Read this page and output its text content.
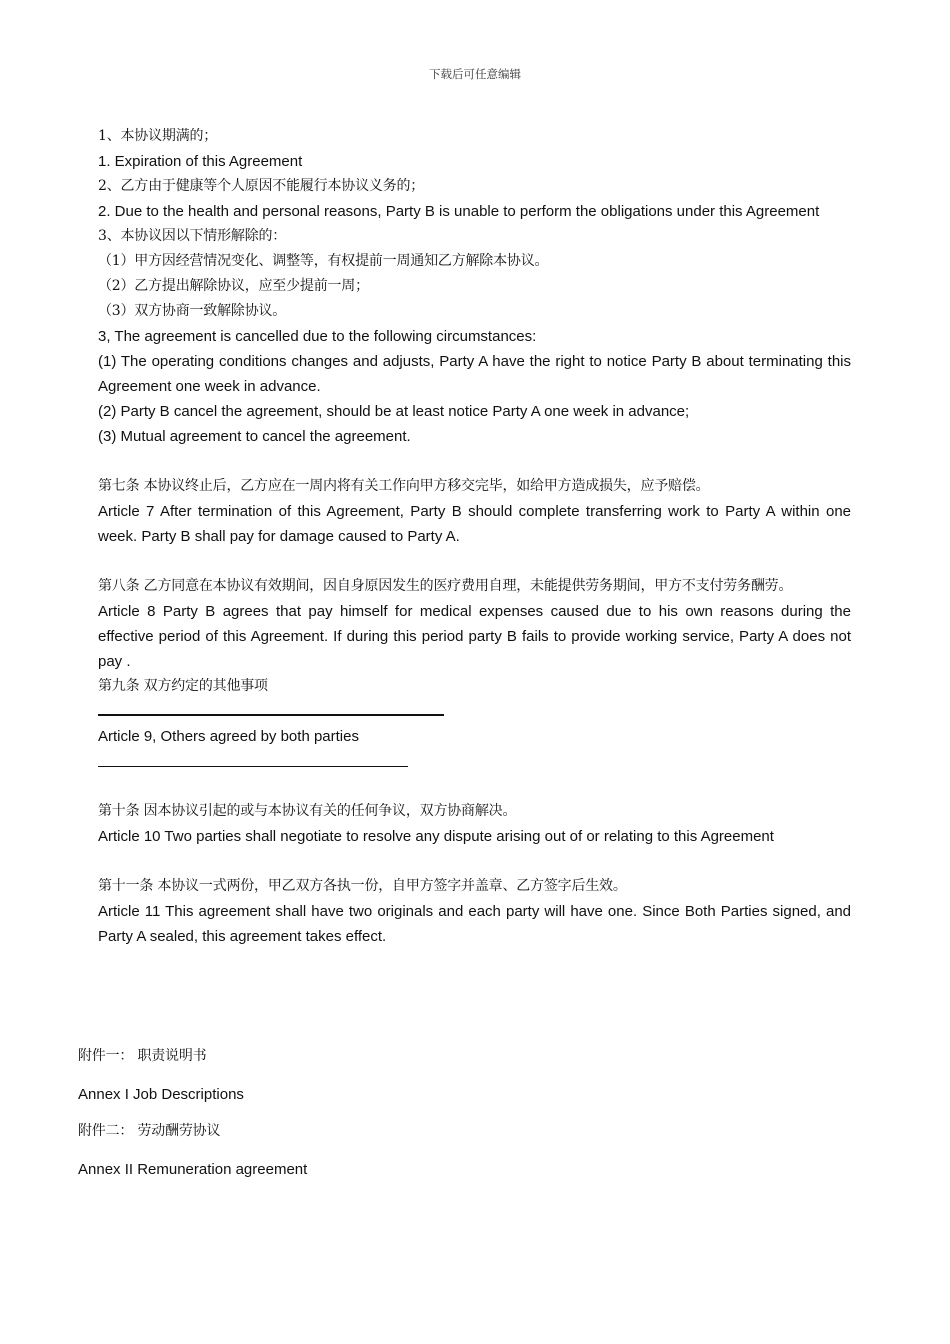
下载后可任意编辑
1、本协议期满的；
1. Expiration of this Agreement
2、乙方由于健康等个人原因不能履行本协议义务的；
2. Due to the health and personal reasons, Party B is unable to perform the obligations under this Agreement
3、本协议因以下情形解除的：
（1）甲方因经营情况变化、调整等，有权提前一周通知乙方解除本协议。
（2）乙方提出解除协议，应至少提前一周；
（3）双方协商一致解除协议。
3, The agreement is cancelled due to the following circumstances:
(1) The operating conditions changes and adjusts, Party A have the right to notice Party B about terminating this Agreement one week in advance.
(2) Party B cancel the agreement, should be at least notice Party A one week in advance;
(3) Mutual agreement to cancel the agreement.
第七条 本协议终止后，乙方应在一周内将有关工作向甲方移交完毕，如给甲方造成损失，应予赔偿。
Article 7 After termination of this Agreement, Party B should complete transferring work to Party A within one week. Party B shall pay for damage caused to Party A.
第八条 乙方同意在本协议有效期间，因自身原因发生的医疗费用自理，未能提供劳务期间，甲方不支付劳务酬劳。
Article 8 Party B agrees that pay himself for medical expenses caused due to his own reasons during the effective period of this Agreement. If during this period party B fails to provide working service, Party A does not pay .
第九条 双方约定的其他事项
Article 9, Others agreed by both parties
第十条 因本协议引起的或与本协议有关的任何争议，双方协商解决。
Article 10 Two parties shall negotiate to resolve any dispute arising out of or relating to this Agreement
第十一条 本协议一式两份，甲乙双方各执一份，自甲方签字并盖章、乙方签字后生效。
Article 11 This agreement shall have two originals and each party will have one. Since Both Parties signed, and Party A sealed, this agreement takes effect.
附件一： 职责说明书
Annex I Job Descriptions
附件二： 劳动酬劳协议
Annex II Remuneration agreement
